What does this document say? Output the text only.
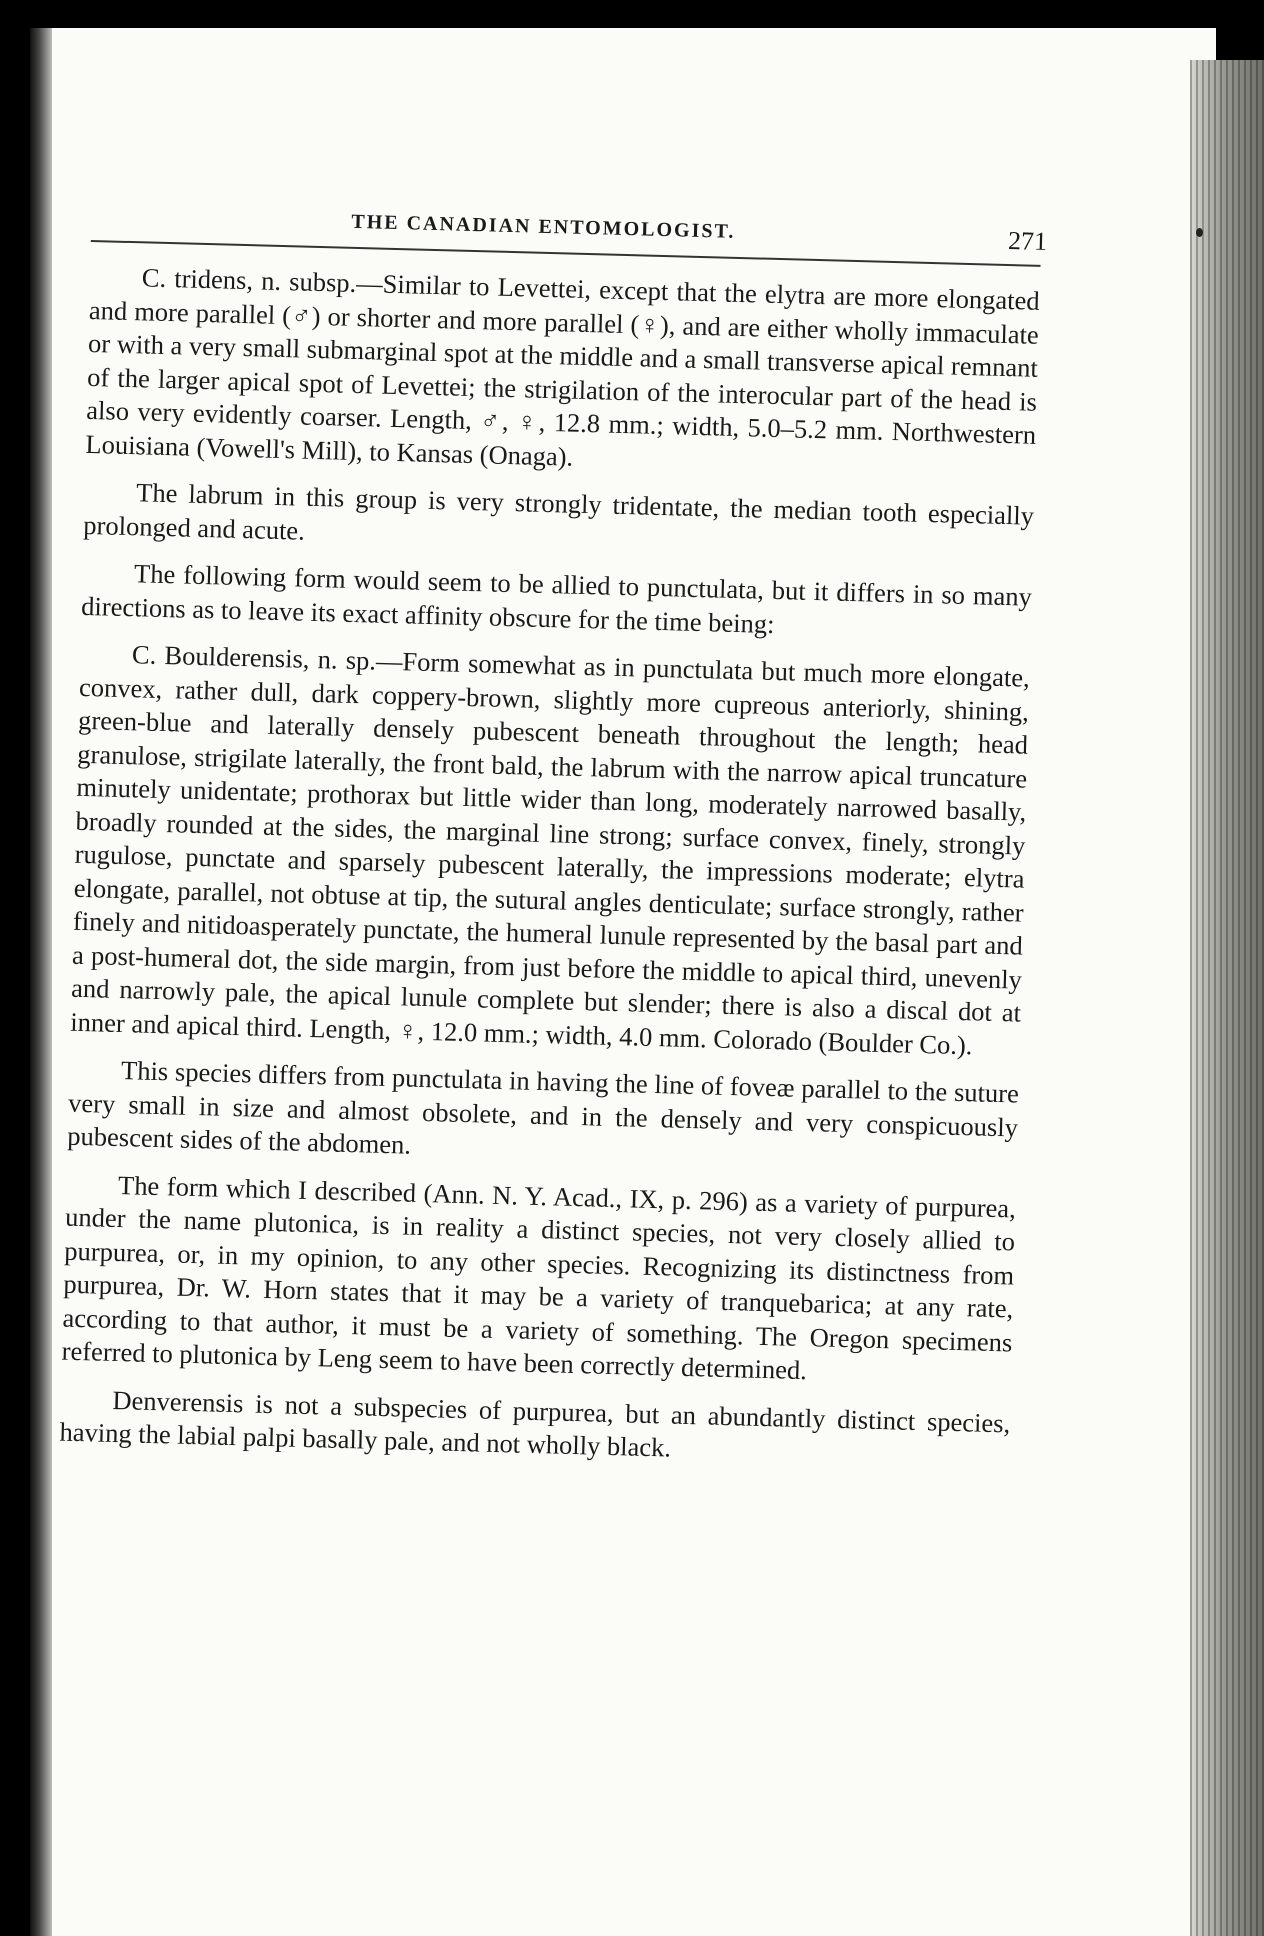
THE CANADIAN ENTOMOLOGIST.	271

C. tridens, n. subsp.—Similar to Levettei, except that the elytra are more elongated and more parallel (♂) or shorter and more parallel (♀), and are either wholly immaculate or with a very small submarginal spot at the middle and a small transverse apical remnant of the larger apical spot of Levettei; the strigilation of the interocular part of the head is also very evidently coarser. Length, ♂, ♀, 12.8 mm.; width, 5.0–5.2 mm. Northwestern Louisiana (Vowell's Mill), to Kansas (Onaga).

The labrum in this group is very strongly tridentate, the median tooth especially prolonged and acute.

The following form would seem to be allied to punctulata, but it differs in so many directions as to leave its exact affinity obscure for the time being:

C. Boulderensis, n. sp.—Form somewhat as in punctulata but much more elongate, convex, rather dull, dark coppery-brown, slightly more cupreous anteriorly, shining, green-blue and laterally densely pubescent beneath throughout the length; head granulose, strigilate laterally, the front bald, the labrum with the narrow apical truncature minutely unidentate; prothorax but little wider than long, moderately narrowed basally, broadly rounded at the sides, the marginal line strong; surface convex, finely, strongly rugulose, punctate and sparsely pubescent laterally, the impressions moderate; elytra elongate, parallel, not obtuse at tip, the sutural angles denticulate; surface strongly, rather finely and nitidoasperately punctate, the humeral lunule represented by the basal part and a post-humeral dot, the side margin, from just before the middle to apical third, unevenly and narrowly pale, the apical lunule complete but slender; there is also a discal dot at inner and apical third. Length, ♀, 12.0 mm.; width, 4.0 mm. Colorado (Boulder Co.).

This species differs from punctulata in having the line of foveæ parallel to the suture very small in size and almost obsolete, and in the densely and very conspicuously pubescent sides of the abdomen.

The form which I described (Ann. N. Y. Acad., IX, p. 296) as a variety of purpurea, under the name plutonica, is in reality a distinct species, not very closely allied to purpurea, or, in my opinion, to any other species. Recognizing its distinctness from purpurea, Dr. W. Horn states that it may be a variety of tranquebarica; at any rate, according to that author, it must be a variety of something. The Oregon specimens referred to plutonica by Leng seem to have been correctly determined.

Denverensis is not a subspecies of purpurea, but an abundantly distinct species, having the labial palpi basally pale, and not wholly black.
